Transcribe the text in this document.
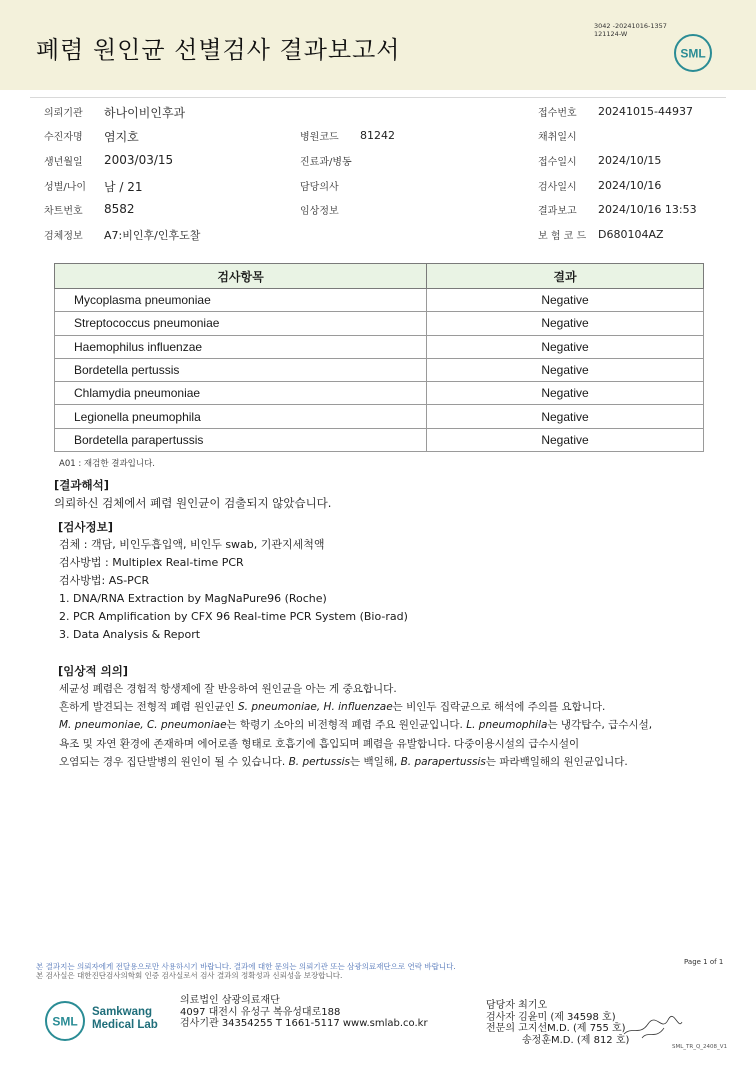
폐렴 원인균 선별검사 결과보고서
3042 -20241016-1357
121124-W
SML
의뢰기관 하나이비인후과
수진자명 염지호	병원코드 81242
생년월일 2003/03/15	진료과/병동
성별/나이 남 / 21	담당의사
차트번호 8582	임상정보
검체정보 A7:비인후/인후도찰
접수번호 20241015-44937
채취일시
접수일시 2024/10/15
검사일시 2024/10/16
결과보고 2024/10/16 13:53
보 험 코 드 D680104AZ
검사항목	결과
Mycoplasma pneumoniae	Negative
Streptococcus pneumoniae	Negative
Haemophilus influenzae	Negative
Bordetella pertussis	Negative
Chlamydia pneumoniae	Negative
Legionella pneumophila	Negative
Bordetella parapertussis	Negative
A01 : 재검한 결과입니다.
[결과해석]
의뢰하신 검체에서 폐렴 원인균이 검출되지 않았습니다.
[검사정보]
검체 : 객담, 비인두흡입액, 비인두 swab, 기관지세척액
검사방법 : Multiplex Real-time PCR
검사방법: AS-PCR
1. DNA/RNA Extraction by MagNaPure96 (Roche)
2. PCR Amplification by CFX 96 Real-time PCR System (Bio-rad)
3. Data Analysis & Report
[임상적 의의]
세균성 폐렴은 경험적 항생제에 잘 반응하여 원인균을 아는 게 중요합니다.
흔하게 발견되는 전형적 폐렴 원인균인 S. pneumoniae, H. influenzae는 비인두 집락균으로 해석에 주의를 요합니다.
M. pneumoniae, C. pneumoniae는 학령기 소아의 비전형적 폐렴 주요 원인균입니다. L. pneumophila는 냉각탑수, 급수시설,
욕조 및 자연 환경에 존재하며 에어로졸 형태로 호흡기에 흡입되며 폐렴을 유발합니다. 다중이용시설의 급수시설이
오염되는 경우 집단발병의 원인이 될 수 있습니다. B. pertussis는 백일해, B. parapertussis는 파라백일해의 원인균입니다.
본 결과지는 의뢰자에게 전달용으로만 사용하시기 바랍니다. 결과에 대한 문의는 의뢰기관 또는 삼광의료재단으로 연락 바랍니다.
본 검사실은 대한진단검사의학회 인증 검사실로서 검사 결과의 정확성과 신뢰성을 보장합니다.
Page 1 of 1
SML
Samkwang
Medical Lab
의료법인 삼광의료재단
4097 대전시 유성구 복유성대로188
검사기관 34354255 T 1661-5117 www.smlab.co.kr
담당자 최기오
검사자 김윤미 (제 34598 호)
전문의 고지선M.D. (제 755 호)
송정훈M.D. (제 812 호)
SML_TR_Q_2408_V1
